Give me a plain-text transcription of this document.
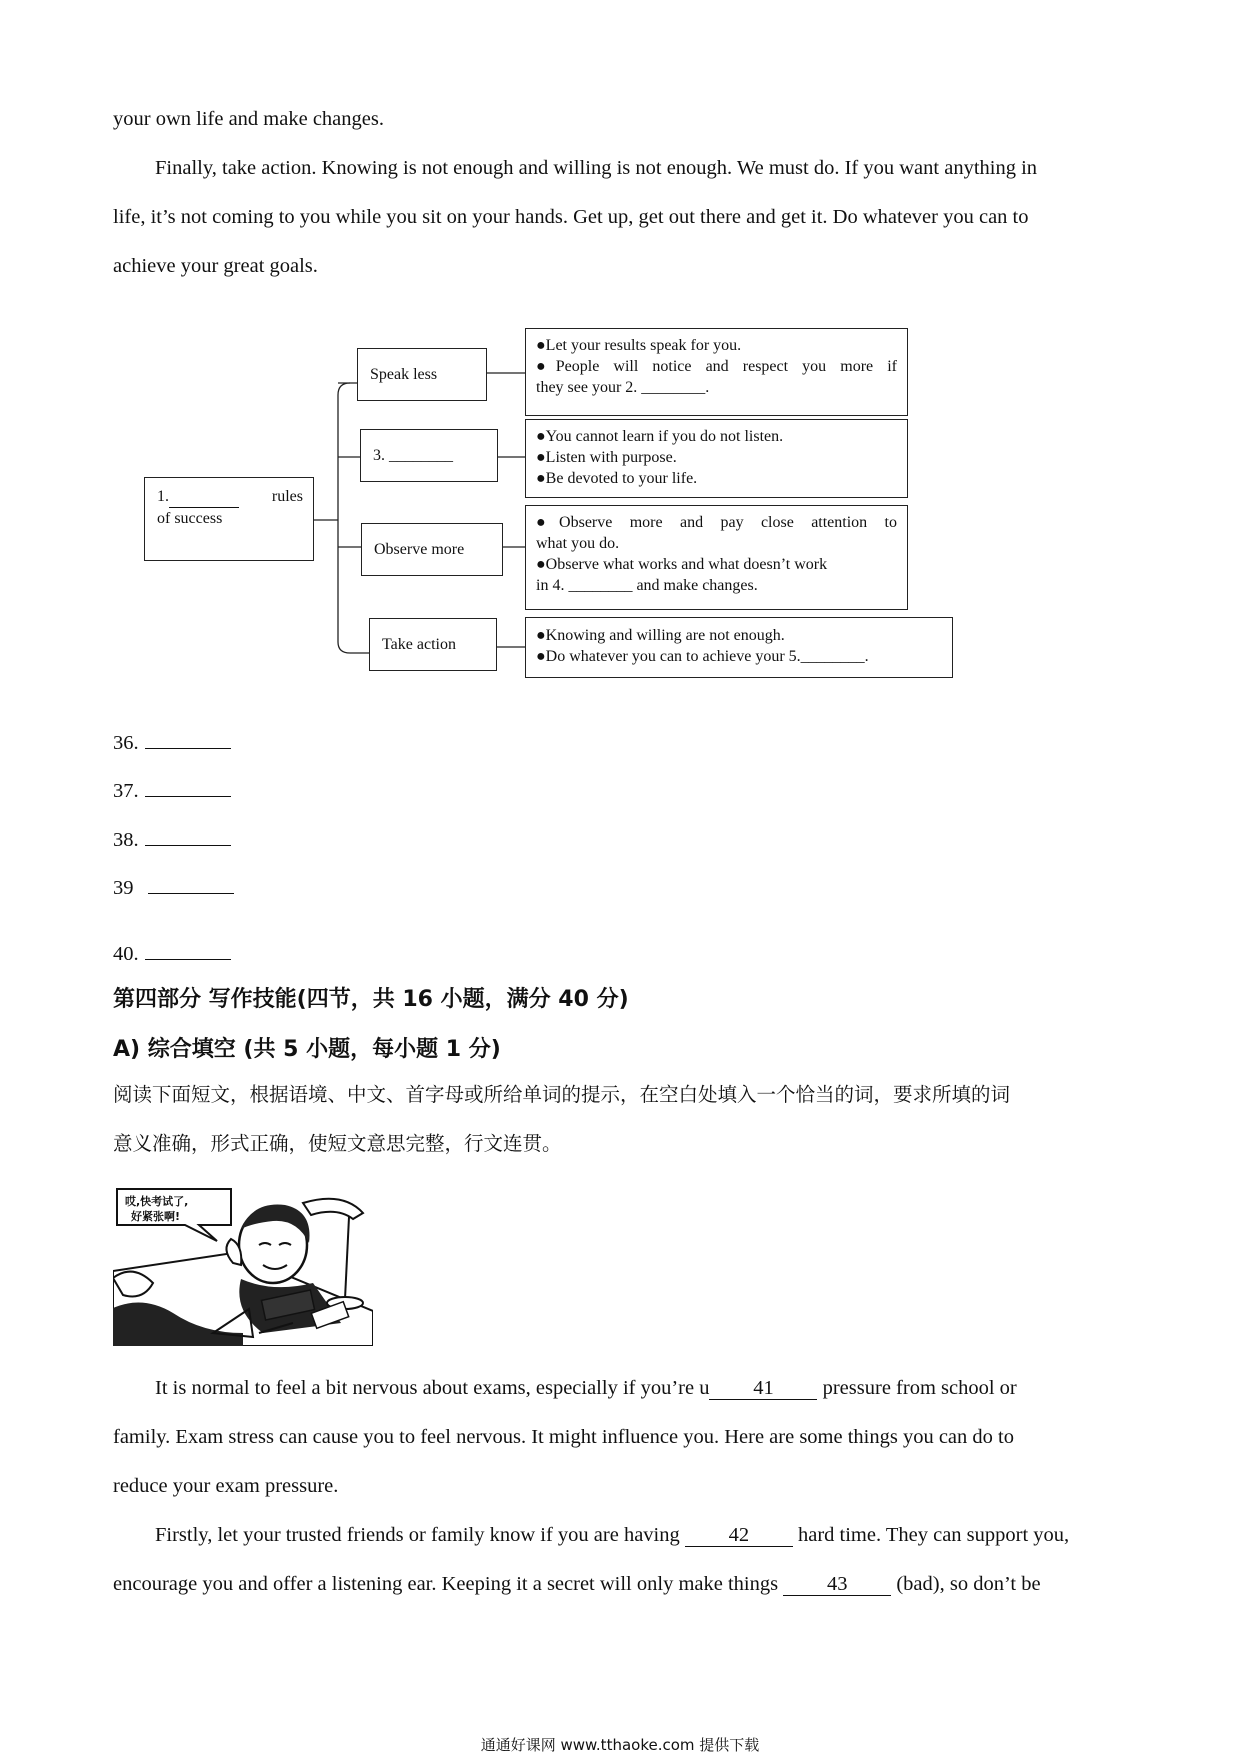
your own life and make changes.
Finally, take action. Knowing is not enough and willing is not enough. We must do. If you want anything in
life, it’s not coming to you while you sit on your hands. Get up, get out there and get it. Do whatever you can to
achieve your great goals.
1.	rules
of success
Speak less
3. ________
Observe more
Take action
●Let your results speak for you.
●People will notice and respect you more if
they see your 2. ________.
●You cannot learn if you do not listen.
●Listen with purpose.
●Be devoted to your life.
●Observe more and pay close attention to
what you do.
●Observe what works and what doesn’t work
in 4. ________ and make changes.
●Knowing and willing are not enough.
●Do whatever you can to achieve your 5.________.
36.
37.
38.
39
40.
第四部分 写作技能(四节，共 16 小题，满分 40 分)
A) 综合填空 (共 5 小题，每小题 1 分)
阅读下面短文，根据语境、中文、首字母或所给单词的提示，在空白处填入一个恰当的词，要求所填的词
意义准确，形式正确，使短文意思完整，行文连贯。
哎,快考试了,
好紧张啊!
It is normal to feel a bit nervous about exams, especially if you’re u 41 pressure from school or
family. Exam stress can cause you to feel nervous. It might influence you. Here are some things you can do to
reduce your exam pressure.
Firstly, let your trusted friends or family know if you are having 42 hard time. They can support you,
encourage you and offer a listening ear. Keeping it a secret will only make things 43 (bad), so don’t be
通通好课网 www.tthaoke.com 提供下载
